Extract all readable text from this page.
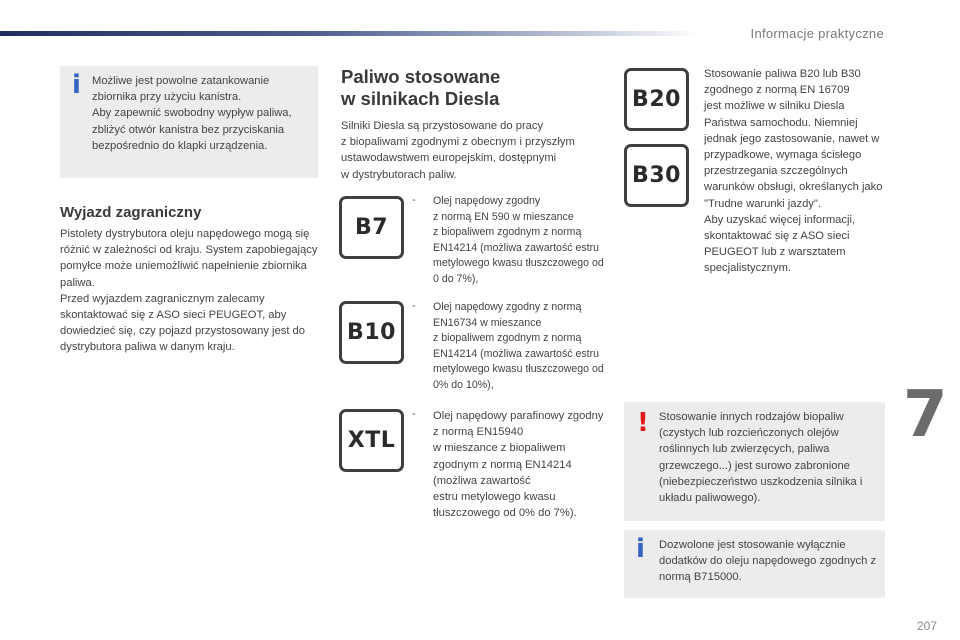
Informacje praktyczne
i Możliwe jest powolne zatankowanie zbiornika przy użyciu kanistra.
Aby zapewnić swobodny wypływ paliwa, zbliżyć otwór kanistra bez przyciskania bezpośrednio do klapki urządzenia.
Wyjazd zagraniczny
Pistolety dystrybutora oleju napędowego mogą się różnić w zależności od kraju. System zapobiegający pomyłce może uniemożliwić napełnienie zbiornika paliwa.
Przed wyjazdem zagranicznym zalecamy skontaktować się z ASO sieci PEUGEOT, aby dowiedzieć się, czy pojazd przystosowany jest do dystrybutora paliwa w danym kraju.
Paliwo stosowane
w silnikach Diesla
Silniki Diesla są przystosowane do pracy
z biopaliwami zgodnymi z obecnym i przyszłym ustawodawstwem europejskim, dostępnymi
w dystrybutorach paliw.
B7
- Olej napędowy zgodny
z normą EN 590 w mieszance
z biopaliwem zgodnym z normą EN14214 (możliwa zawartość estru metylowego kwasu tłuszczowego od 0 do 7%),
B10
- Olej napędowy zgodny z normą EN16734 w mieszance
z biopaliwem zgodnym z normą EN14214 (możliwa zawartość estru metylowego kwasu tłuszczowego od 0% do 10%),
XTL
- Olej napędowy parafinowy zgodny z normą EN15940
w mieszance z biopaliwem zgodnym z normą EN14214 (możliwa zawartość
estru metylowego kwasu tłuszczowego od 0% do 7%).
B20
B30
Stosowanie paliwa B20 lub B30 zgodnego z normą EN 16709
jest możliwe w silniku Diesla Państwa samochodu. Niemniej jednak jego zastosowanie, nawet w przypadkowe, wymaga ścisłego przestrzegania szczególnych warunków obsługi, określanych jako "Trudne warunki jazdy".
Aby uzyskać więcej informacji, skontaktować się z ASO sieci PEUGEOT lub z warsztatem specjalistycznym.
! Stosowanie innych rodzajów biopaliw (czystych lub rozcieńczonych olejów roślinnych lub zwierzęcych, paliwa grzewczego...) jest surowo zabronione (niebezpieczeństwo uszkodzenia silnika i układu paliwowego).
i Dozwolone jest stosowanie wyłącznie dodatków do oleju napędowego zgodnych z normą B715000.
7
207
